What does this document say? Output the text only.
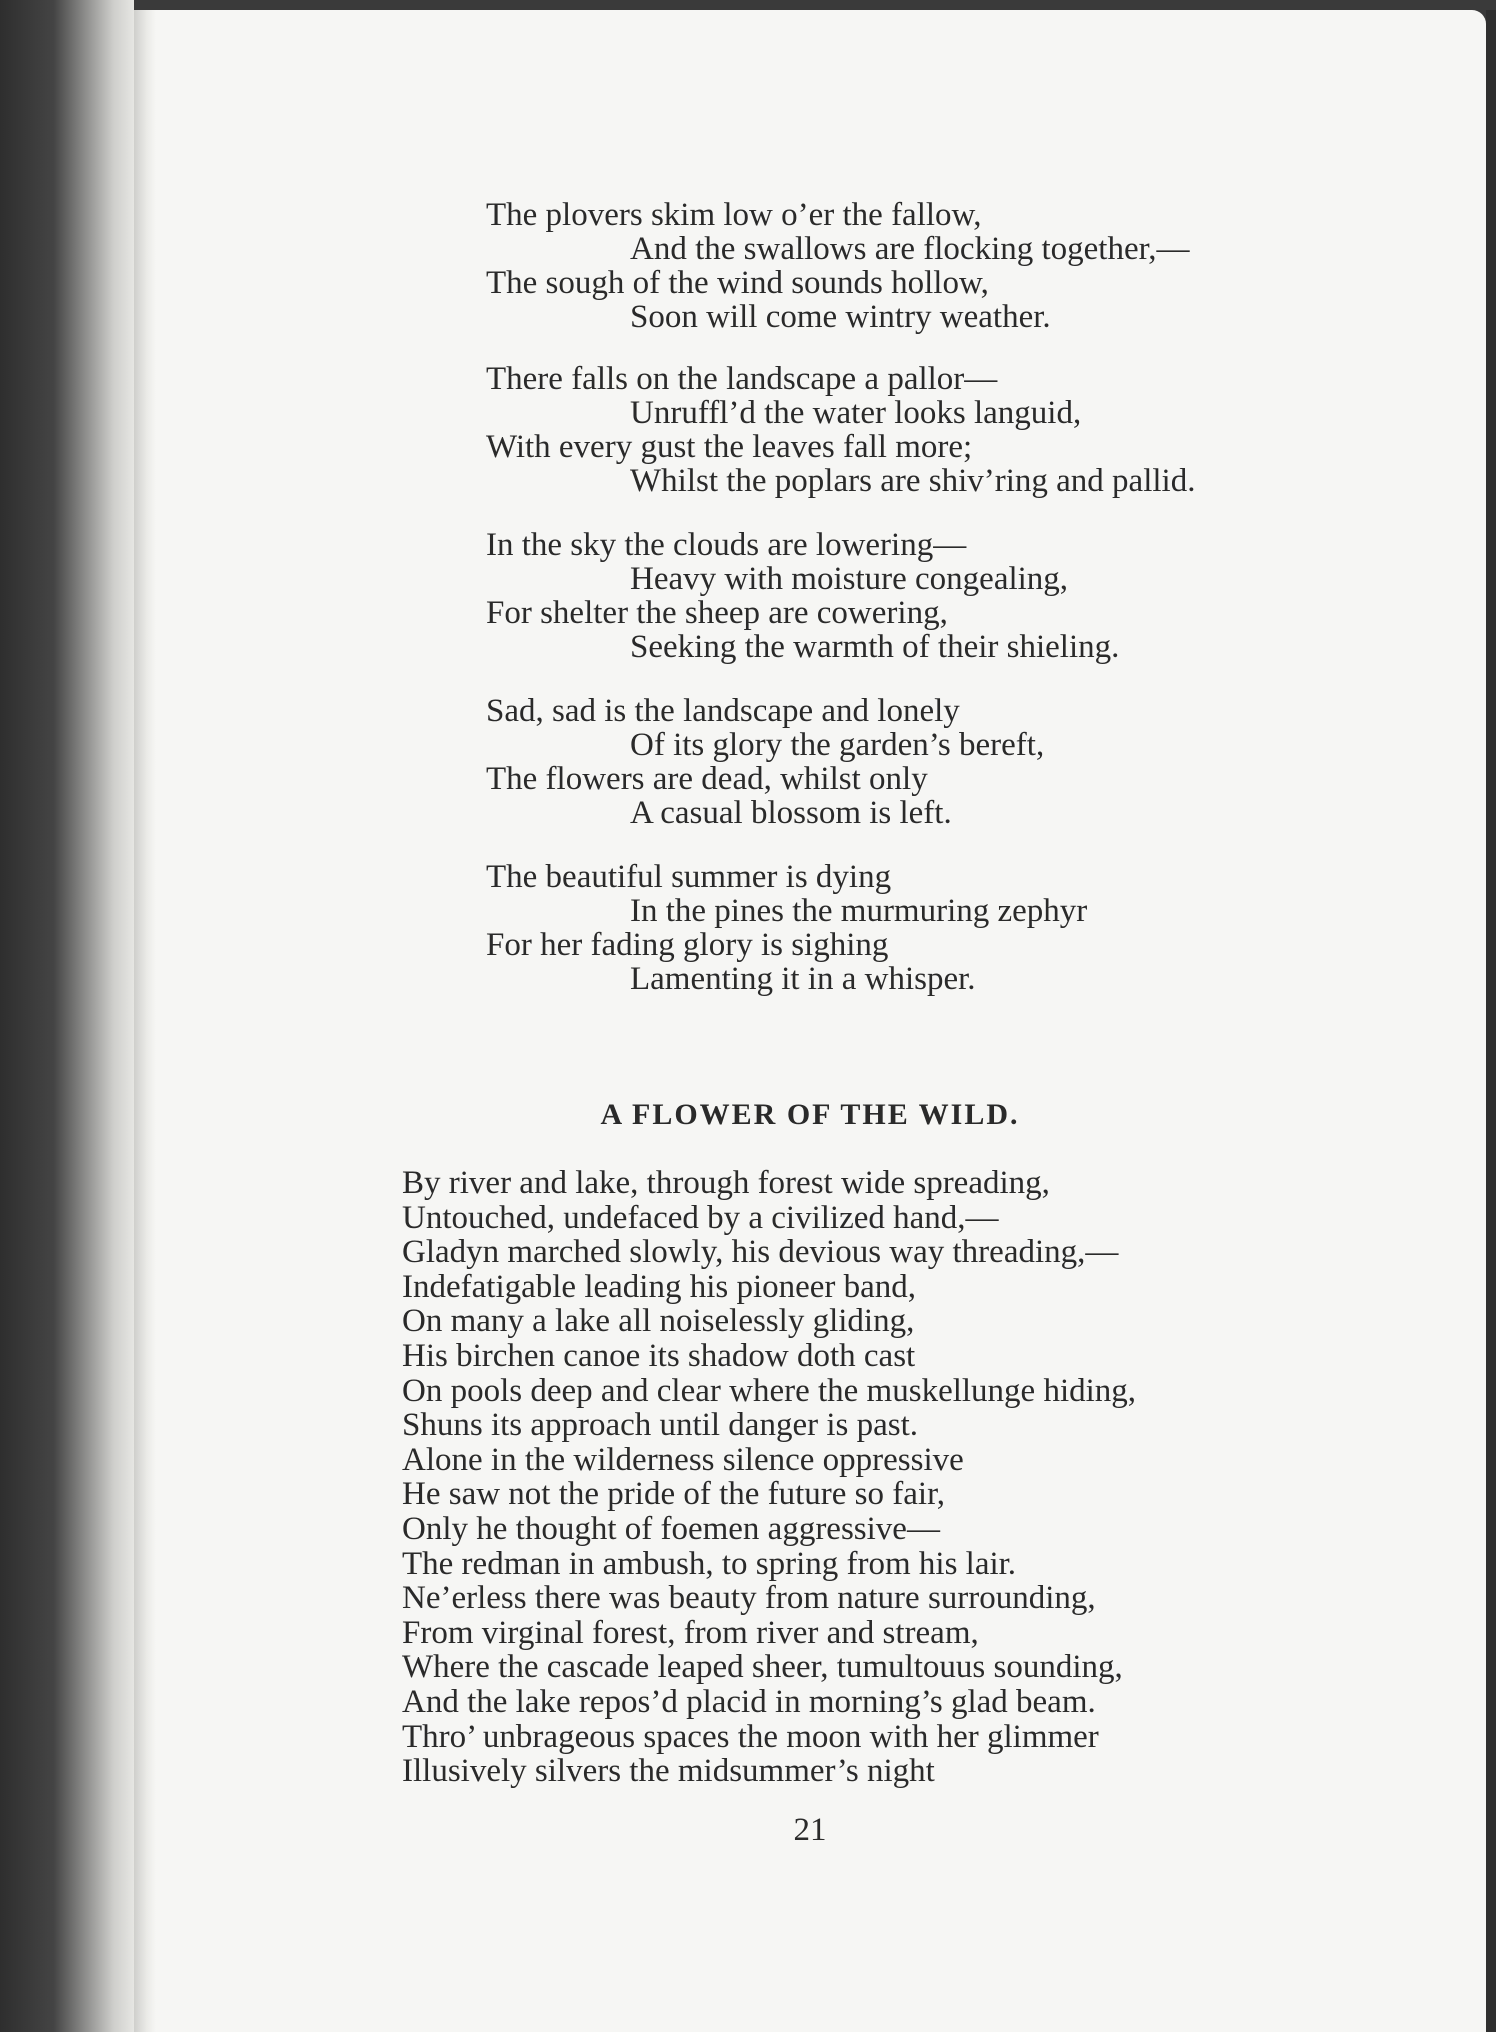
The plovers skim low o’er the fallow,
And the swallows are flocking together,—
The sough of the wind sounds hollow,
Soon will come wintry weather.
There falls on the landscape a pallor—
Unruffl’d the water looks languid,
With every gust the leaves fall more;
Whilst the poplars are shiv’ring and pallid.
In the sky the clouds are lowering—
Heavy with moisture congealing,
For shelter the sheep are cowering,
Seeking the warmth of their shieling.
Sad, sad is the landscape and lonely
Of its glory the garden’s bereft,
The flowers are dead, whilst only
A casual blossom is left.
The beautiful summer is dying
In the pines the murmuring zephyr
For her fading glory is sighing
Lamenting it in a whisper.
A FLOWER OF THE WILD.
By river and lake, through forest wide spreading,
Untouched, undefaced by a civilized hand,—
Gladyn marched slowly, his devious way threading,—
Indefatigable leading his pioneer band,
On many a lake all noiselessly gliding,
His birchen canoe its shadow doth cast
On pools deep and clear where the muskellunge hiding,
Shuns its approach until danger is past.
Alone in the wilderness silence oppressive
He saw not the pride of the future so fair,
Only he thought of foemen aggressive—
The redman in ambush, to spring from his lair.
Ne’erless there was beauty from nature surrounding,
From virginal forest, from river and stream,
Where the cascade leaped sheer, tumultouus sounding,
And the lake repos’d placid in morning’s glad beam.
Thro’ unbrageous spaces the moon with her glimmer
Illusively silvers the midsummer’s night
21
